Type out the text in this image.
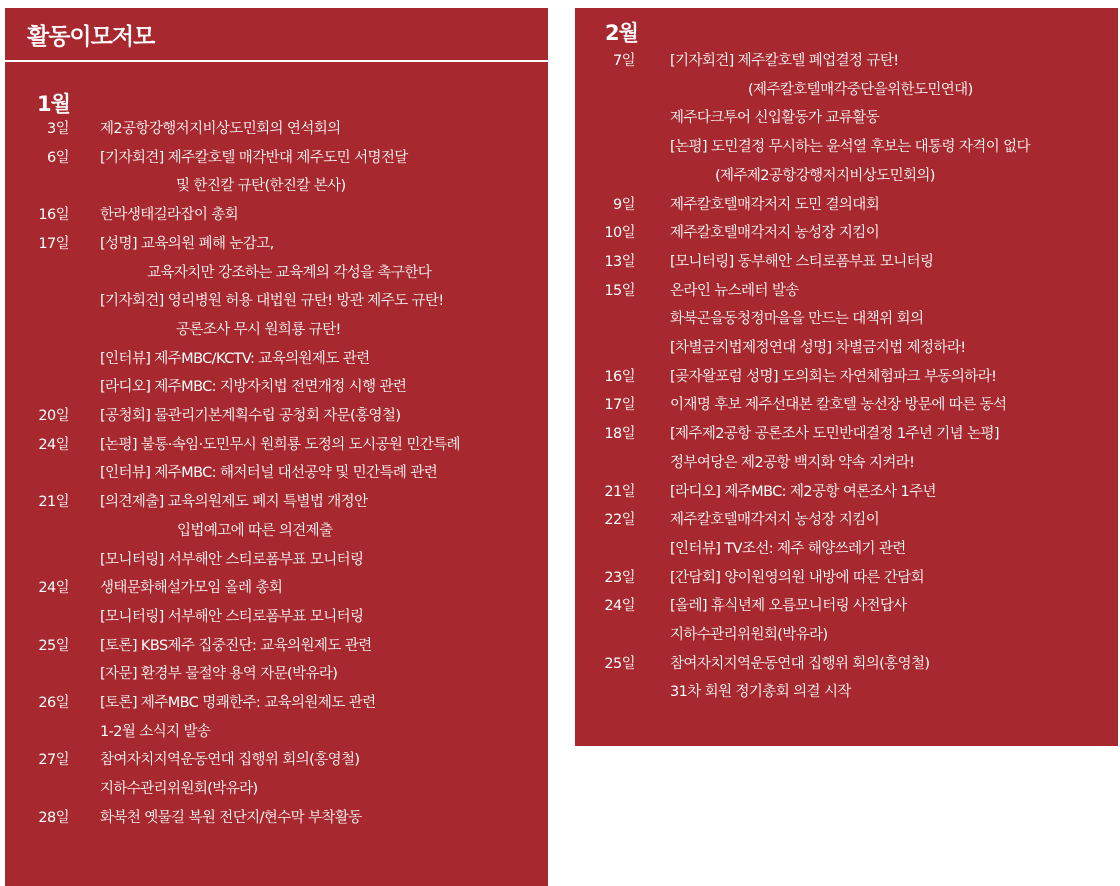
활동이모저모
1월
3일 제2공항강행저지비상도민회의 연석회의
6일 [기자회견] 제주칼호텔 매각반대 제주도민 서명전달
및 한진칼 규탄(한진칼 본사)
16일 한라생태길라잡이 총회
17일 [성명] 교육의원 폐해 눈감고,
교육자치만 강조하는 교육계의 각성을 촉구한다
[기자회견] 영리병원 허용 대법원 규탄! 방관 제주도 규탄!
공론조사 무시 원희룡 규탄!
[인터뷰] 제주MBC/KCTV: 교육의원제도 관련
[라디오] 제주MBC: 지방자치법 전면개정 시행 관련
20일 [공청회] 물관리기본계획수립 공청회 자문(홍영철)
24일 [논평] 불통·속임·도민무시 원희룡 도정의 도시공원 민간특례
[인터뷰] 제주MBC: 해저터널 대선공약 및 민간특례 관련
21일 [의견제출] 교육의원제도 폐지 특별법 개정안
입법예고에 따른 의견제출
[모니터링] 서부해안 스티로폼부표 모니터링
24일 생태문화해설가모임 올레 총회
[모니터링] 서부해안 스티로폼부표 모니터링
25일 [토론] KBS제주 집중진단: 교육의원제도 관련
[자문] 환경부 물절약 용역 자문(박유라)
26일 [토론] 제주MBC 명쾌한주: 교육의원제도 관련
1-2월 소식지 발송
27일 참여자치지역운동연대 집행위 회의(홍영철)
지하수관리위원회(박유라)
28일 화북천 옛물길 복원 전단지/현수막 부착활동
2월
7일 [기자회견] 제주칼호텔 폐업결정 규탄!
(제주칼호텔매각중단을위한도민연대)
제주다크투어 신입활동가 교류활동
[논평] 도민결정 무시하는 윤석열 후보는 대통령 자격이 없다
(제주제2공항강행저지비상도민회의)
9일 제주칼호텔매각저지 도민 결의대회
10일 제주칼호텔매각저지 농성장 지킴이
13일 [모니터링] 동부해안 스티로폼부표 모니터링
15일 온라인 뉴스레터 발송
화북곤을동청정마을을 만드는 대책위 회의
[차별금지법제정연대 성명] 차별금지법 제정하라!
16일 [곶자왈포럼 성명] 도의회는 자연체험파크 부동의하라!
17일 이재명 후보 제주선대본 칼호텔 농선장 방문에 따른 동석
18일 [제주제2공항 공론조사 도민반대결정 1주년 기념 논평]
정부여당은 제2공항 백지화 약속 지켜라!
21일 [라디오] 제주MBC: 제2공항 여론조사 1주년
22일 제주칼호텔매각저지 농성장 지킴이
[인터뷰] TV조선: 제주 해양쓰레기 관련
23일 [간담회] 양이원영의원 내방에 따른 간담회
24일 [올레] 휴식년제 오름모니터링 사전답사
지하수관리위원회(박유라)
25일 참여자치지역운동연대 집행위 회의(홍영철)
31차 회원 정기총회 의결 시작
